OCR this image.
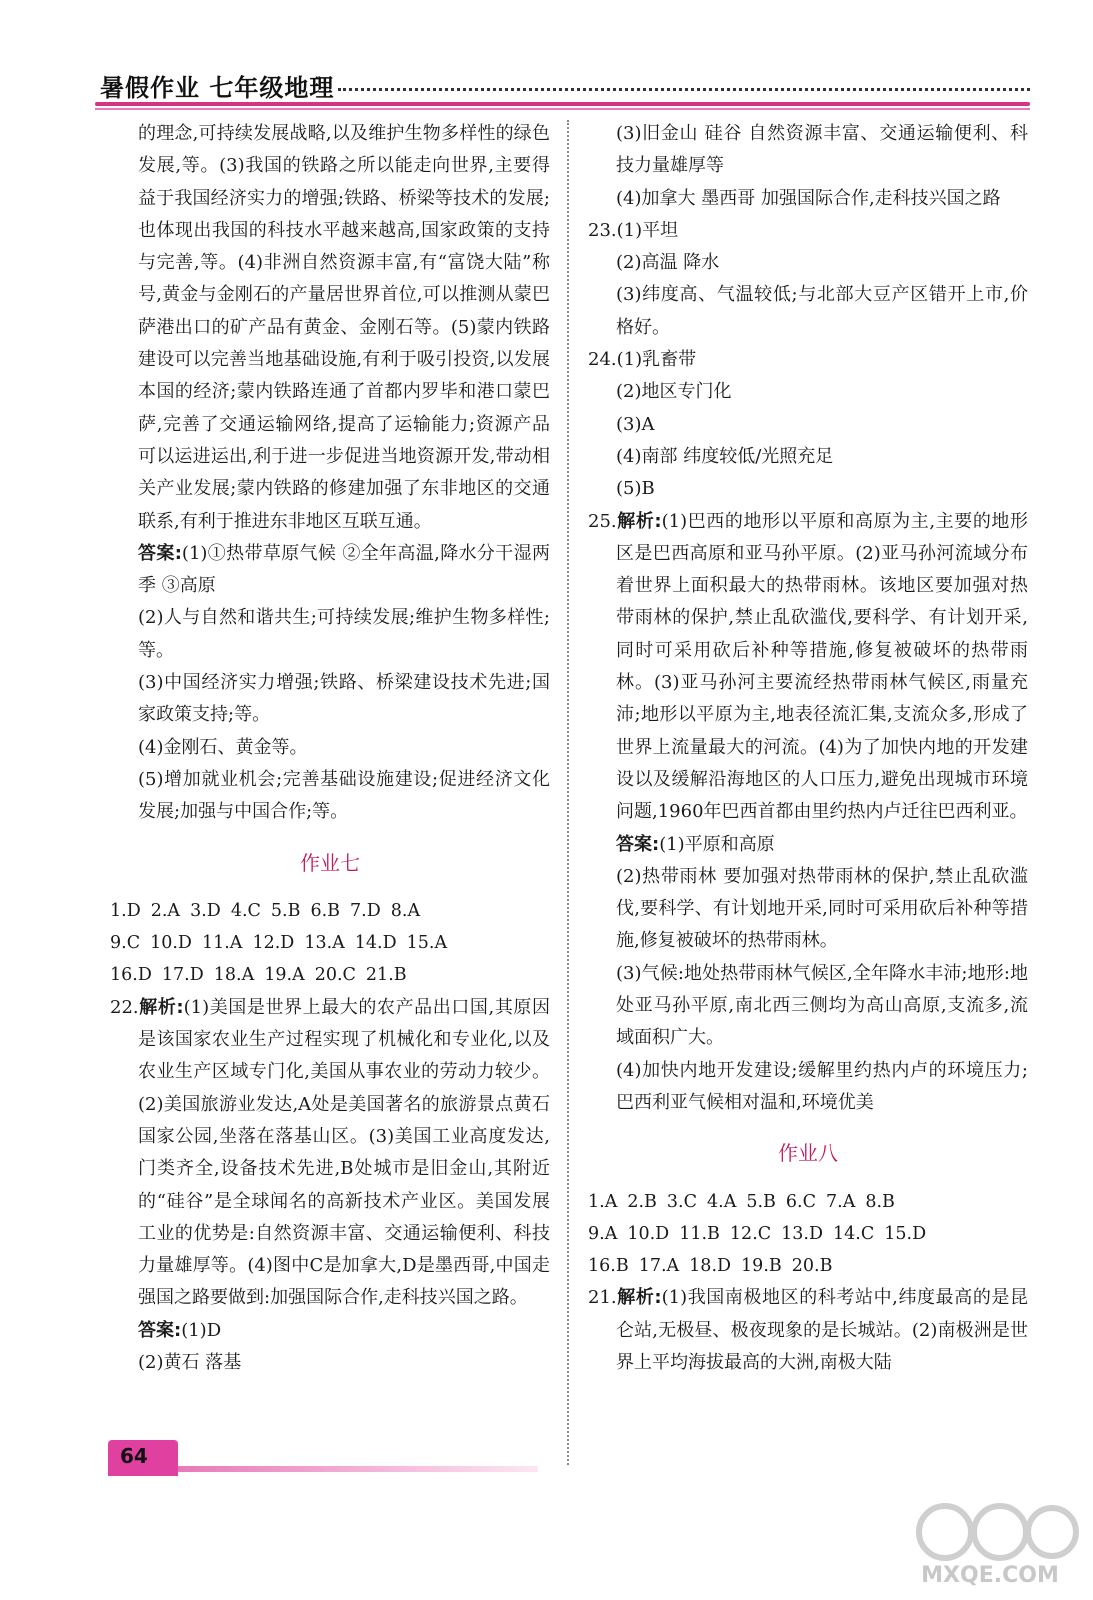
暑假作业 七年级地理

的理念,可持续发展战略,以及维护生物多样性的绿色发展,等。(3)我国的铁路之所以能走向世界,主要得益于我国经济实力的增强;铁路、桥梁等技术的发展;也体现出我国的科技水平越来越高,国家政策的支持与完善,等。(4)非洲自然资源丰富,有“富饶大陆”称号,黄金与金刚石的产量居世界首位,可以推测从蒙巴萨港出口的矿产品有黄金、金刚石等。(5)蒙内铁路建设可以完善当地基础设施,有利于吸引投资,以发展本国的经济;蒙内铁路连通了首都内罗毕和港口蒙巴萨,完善了交通运输网络,提高了运输能力;资源产品可以运进运出,利于进一步促进当地资源开发,带动相关产业发展;蒙内铁路的修建加强了东非地区的交通联系,有利于推进东非地区互联互通。

答案:(1)①热带草原气候 ②全年高温,降水分干湿两季 ③高原

(2)人与自然和谐共生;可持续发展;维护生物多样性;等。

(3)中国经济实力增强;铁路、桥梁建设技术先进;国家政策支持;等。

(4)金刚石、黄金等。

(5)增加就业机会;完善基础设施建设;促进经济文化发展;加强与中国合作;等。

作业七
1.D 2.A 3.D 4.C 5.B 6.B 7.D 8.A
9.C 10.D 11.A 12.D 13.A 14.D 15.A
16.D 17.D 18.A 19.A 20.C 21.B

22.解析:(1)美国是世界上最大的农产品出口国,其原因是该国家农业生产过程实现了机械化和专业化,以及农业生产区域专门化,美国从事农业的劳动力较少。(2)美国旅游业发达,A处是美国著名的旅游景点黄石国家公园,坐落在落基山区。(3)美国工业高度发达,门类齐全,设备技术先进,B处城市是旧金山,其附近的“硅谷”是全球闻名的高新技术产业区。美国发展工业的优势是:自然资源丰富、交通运输便利、科技力量雄厚等。(4)图中C是加拿大,D是墨西哥,中国走强国之路要做到:加强国际合作,走科技兴国之路。

答案:(1)D

(2)黄石 落基

(3)旧金山 硅谷 自然资源丰富、交通运输便利、科技力量雄厚等

(4)加拿大 墨西哥 加强国际合作,走科技兴国之路

23.(1)平坦

(2)高温 降水

(3)纬度高、气温较低;与北部大豆产区错开上市,价格好。

24.(1)乳畜带

(2)地区专门化

(3)A

(4)南部 纬度较低/光照充足

(5)B

25.解析:(1)巴西的地形以平原和高原为主,主要的地形区是巴西高原和亚马孙平原。(2)亚马孙河流域分布着世界上面积最大的热带雨林。该地区要加强对热带雨林的保护,禁止乱砍滥伐,要科学、有计划开采,同时可采用砍后补种等措施,修复被破坏的热带雨林。(3)亚马孙河主要流经热带雨林气候区,雨量充沛;地形以平原为主,地表径流汇集,支流众多,形成了世界上流量最大的河流。(4)为了加快内地的开发建设以及缓解沿海地区的人口压力,避免出现城市环境问题,1960年巴西首都由里约热内卢迁往巴西利亚。

答案:(1)平原和高原

(2)热带雨林 要加强对热带雨林的保护,禁止乱砍滥伐,要科学、有计划地开采,同时可采用砍后补种等措施,修复被破坏的热带雨林。

(3)气候:地处热带雨林气候区,全年降水丰沛;地形:地处亚马孙平原,南北西三侧均为高山高原,支流多,流域面积广大。

(4)加快内地开发建设;缓解里约热内卢的环境压力;巴西利亚气候相对温和,环境优美

作业八
1.A 2.B 3.C 4.A 5.B 6.C 7.A 8.B
9.A 10.D 11.B 12.C 13.D 14.C 15.D
16.B 17.A 18.D 19.B 20.B

21.解析:(1)我国南极地区的科考站中,纬度最高的是昆仑站,无极昼、极夜现象的是长城站。(2)南极洲是世界上平均海拔最高的大洲,南极大陆

64
MXQE.COM
